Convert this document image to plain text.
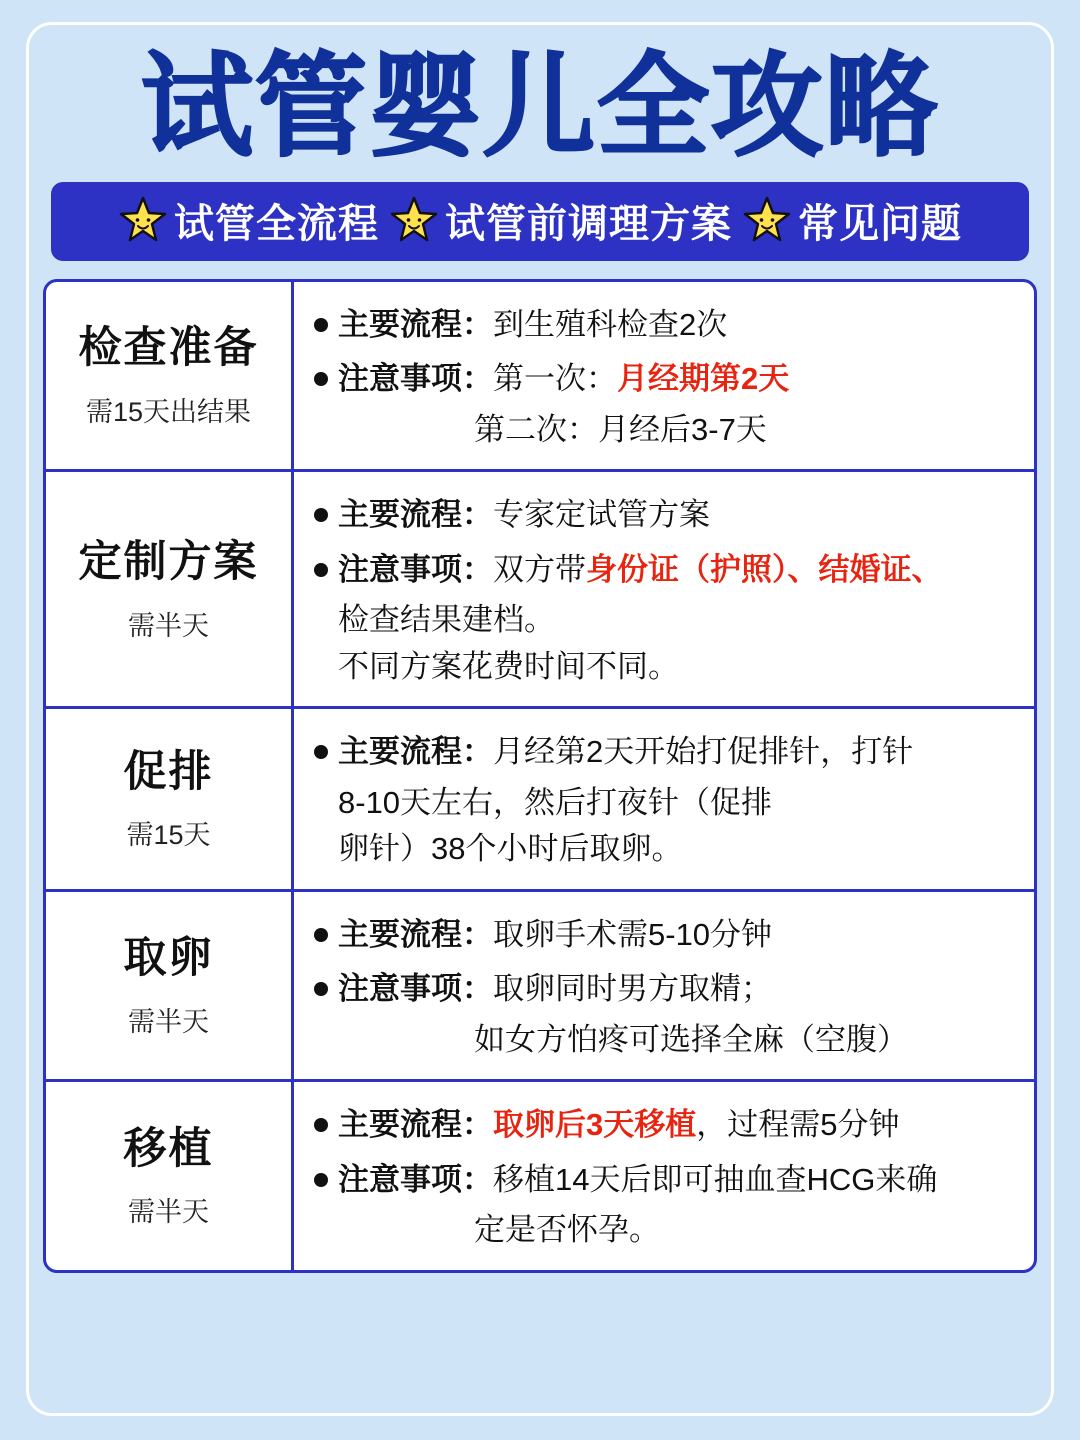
试管婴儿全攻略
试管全流程 试管前调理方案 常见问题
检查准备
需15天出结果
主要流程： 到生殖科检查2次
注意事项： 第一次：月经期第2天
第二次：月经后3-7天
定制方案
需半天
主要流程： 专家定试管方案
注意事项： 双方带身份证（护照）、结婚证、
检查结果建档。
不同方案花费时间不同。
促排
需15天
主要流程： 月经第2天开始打促排针，打针
8-10天左右，然后打夜针（促排
卵针）38个小时后取卵。
取卵
需半天
主要流程： 取卵手术需5-10分钟
注意事项： 取卵同时男方取精；
如女方怕疼可选择全麻（空腹）
移植
需半天
主要流程： 取卵后3天移植，过程需5分钟
注意事项： 移植14天后即可抽血查HCG来确
定是否怀孕。
